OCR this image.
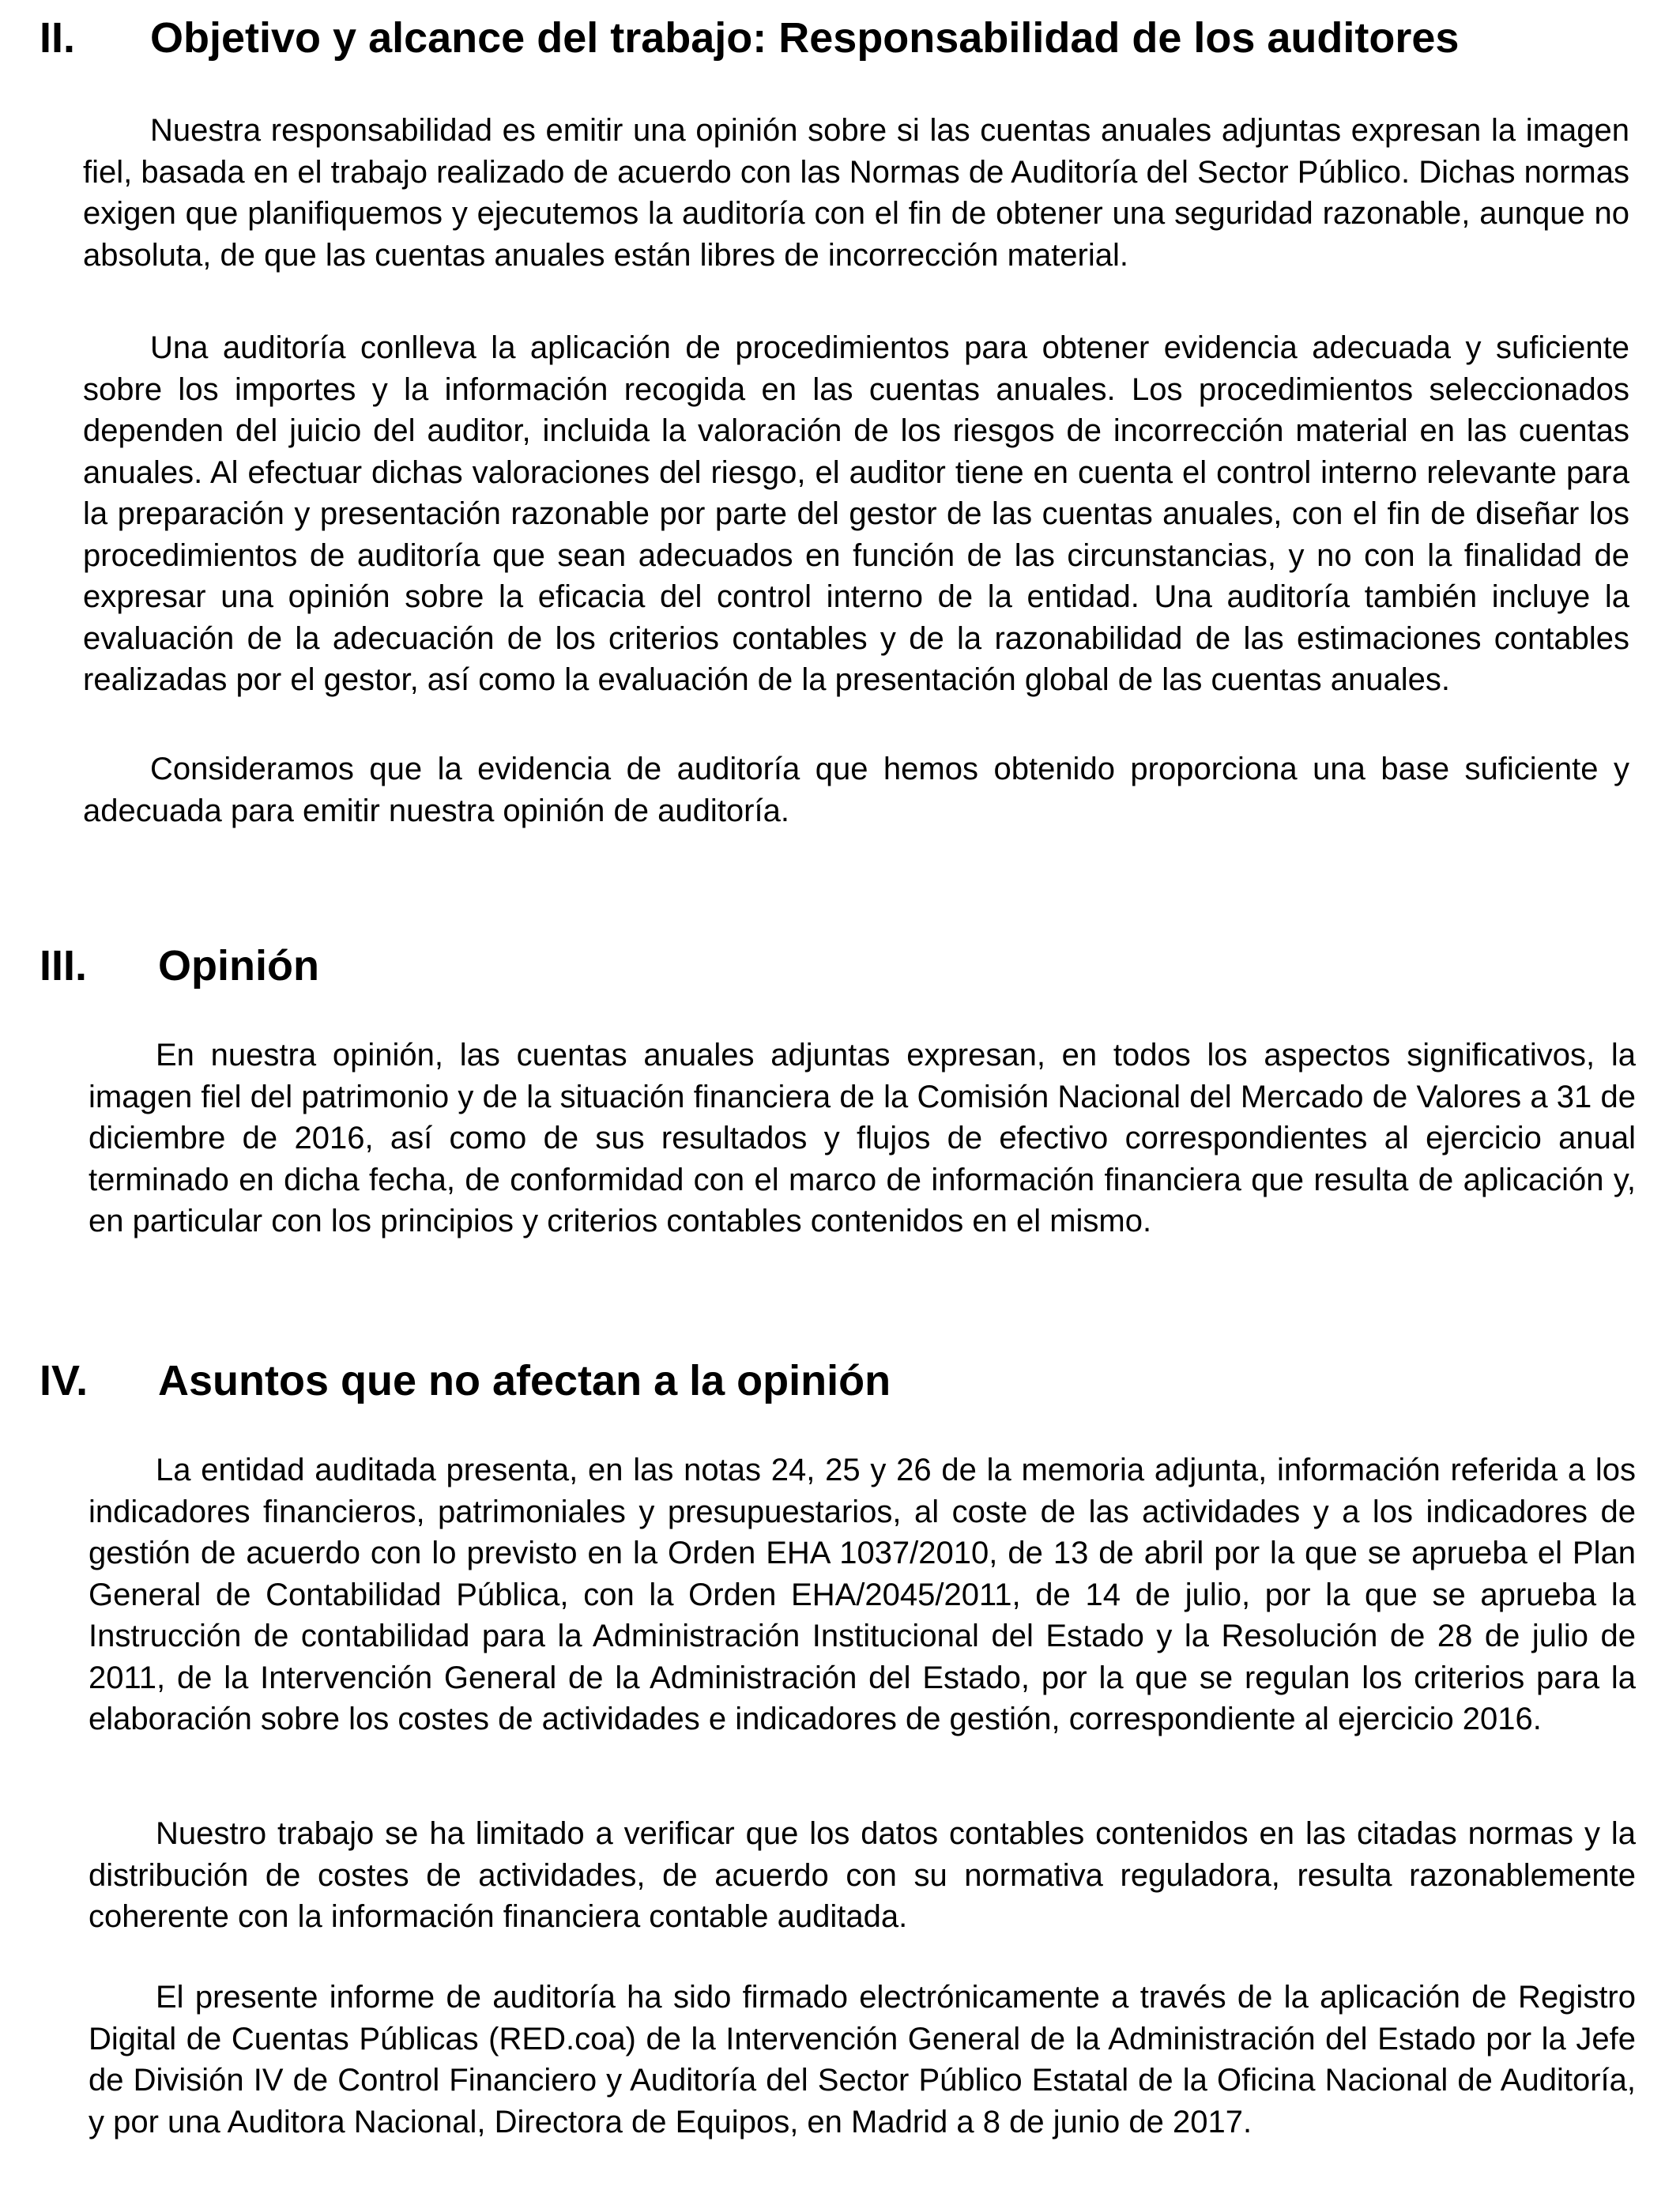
II. Objetivo y alcance del trabajo: Responsabilidad de los auditores

Nuestra responsabilidad es emitir una opinión sobre si las cuentas anuales adjuntas expresan la imagen fiel, basada en el trabajo realizado de acuerdo con las Normas de Auditoría del Sector Público. Dichas normas exigen que planifiquemos y ejecutemos la auditoría con el fin de obtener una seguridad razonable, aunque no absoluta, de que las cuentas anuales están libres de incorrección material.

Una auditoría conlleva la aplicación de procedimientos para obtener evidencia adecuada y suficiente sobre los importes y la información recogida en las cuentas anuales. Los procedimientos seleccionados dependen del juicio del auditor, incluida la valoración de los riesgos de incorrección material en las cuentas anuales. Al efectuar dichas valoraciones del riesgo, el auditor tiene en cuenta el control interno relevante para la preparación y presentación razonable por parte del gestor de las cuentas anuales, con el fin de diseñar los procedimientos de auditoría que sean adecuados en función de las circunstancias, y no con la finalidad de expresar una opinión sobre la eficacia del control interno de la entidad. Una auditoría también incluye la evaluación de la adecuación de los criterios contables y de la razonabilidad de las estimaciones contables realizadas por el gestor, así como la evaluación de la presentación global de las cuentas anuales.

Consideramos que la evidencia de auditoría que hemos obtenido proporciona una base suficiente y adecuada para emitir nuestra opinión de auditoría.

III. Opinión

En nuestra opinión, las cuentas anuales adjuntas expresan, en todos los aspectos significativos, la imagen fiel del patrimonio y de la situación financiera de la Comisión Nacional del Mercado de Valores a 31 de diciembre de 2016, así como de sus resultados y flujos de efectivo correspondientes al ejercicio anual terminado en dicha fecha, de conformidad con el marco de información financiera que resulta de aplicación y, en particular con los principios y criterios contables contenidos en el mismo.

IV. Asuntos que no afectan a la opinión

La entidad auditada presenta, en las notas 24, 25 y 26 de la memoria adjunta, información referida a los indicadores financieros, patrimoniales y presupuestarios, al coste de las actividades y a los indicadores de gestión de acuerdo con lo previsto en la Orden EHA 1037/2010, de 13 de abril por la que se aprueba el Plan General de Contabilidad Pública, con la Orden EHA/2045/2011, de 14 de julio, por la que se aprueba la Instrucción de contabilidad para la Administración Institucional del Estado y la Resolución de 28 de julio de 2011, de la Intervención General de la Administración del Estado, por la que se regulan los criterios para la elaboración sobre los costes de actividades e indicadores de gestión, correspondiente al ejercicio 2016.

Nuestro trabajo se ha limitado a verificar que los datos contables contenidos en las citadas normas y la distribución de costes de actividades, de acuerdo con su normativa reguladora, resulta razonablemente coherente con la información financiera contable auditada.

El presente informe de auditoría ha sido firmado electrónicamente a través de la aplicación de Registro Digital de Cuentas Públicas (RED.coa) de la Intervención General de la Administración del Estado por la Jefe de División IV de Control Financiero y Auditoría del Sector Público Estatal de la Oficina Nacional de Auditoría, y por una Auditora Nacional, Directora de Equipos, en Madrid a 8 de junio de 2017.
